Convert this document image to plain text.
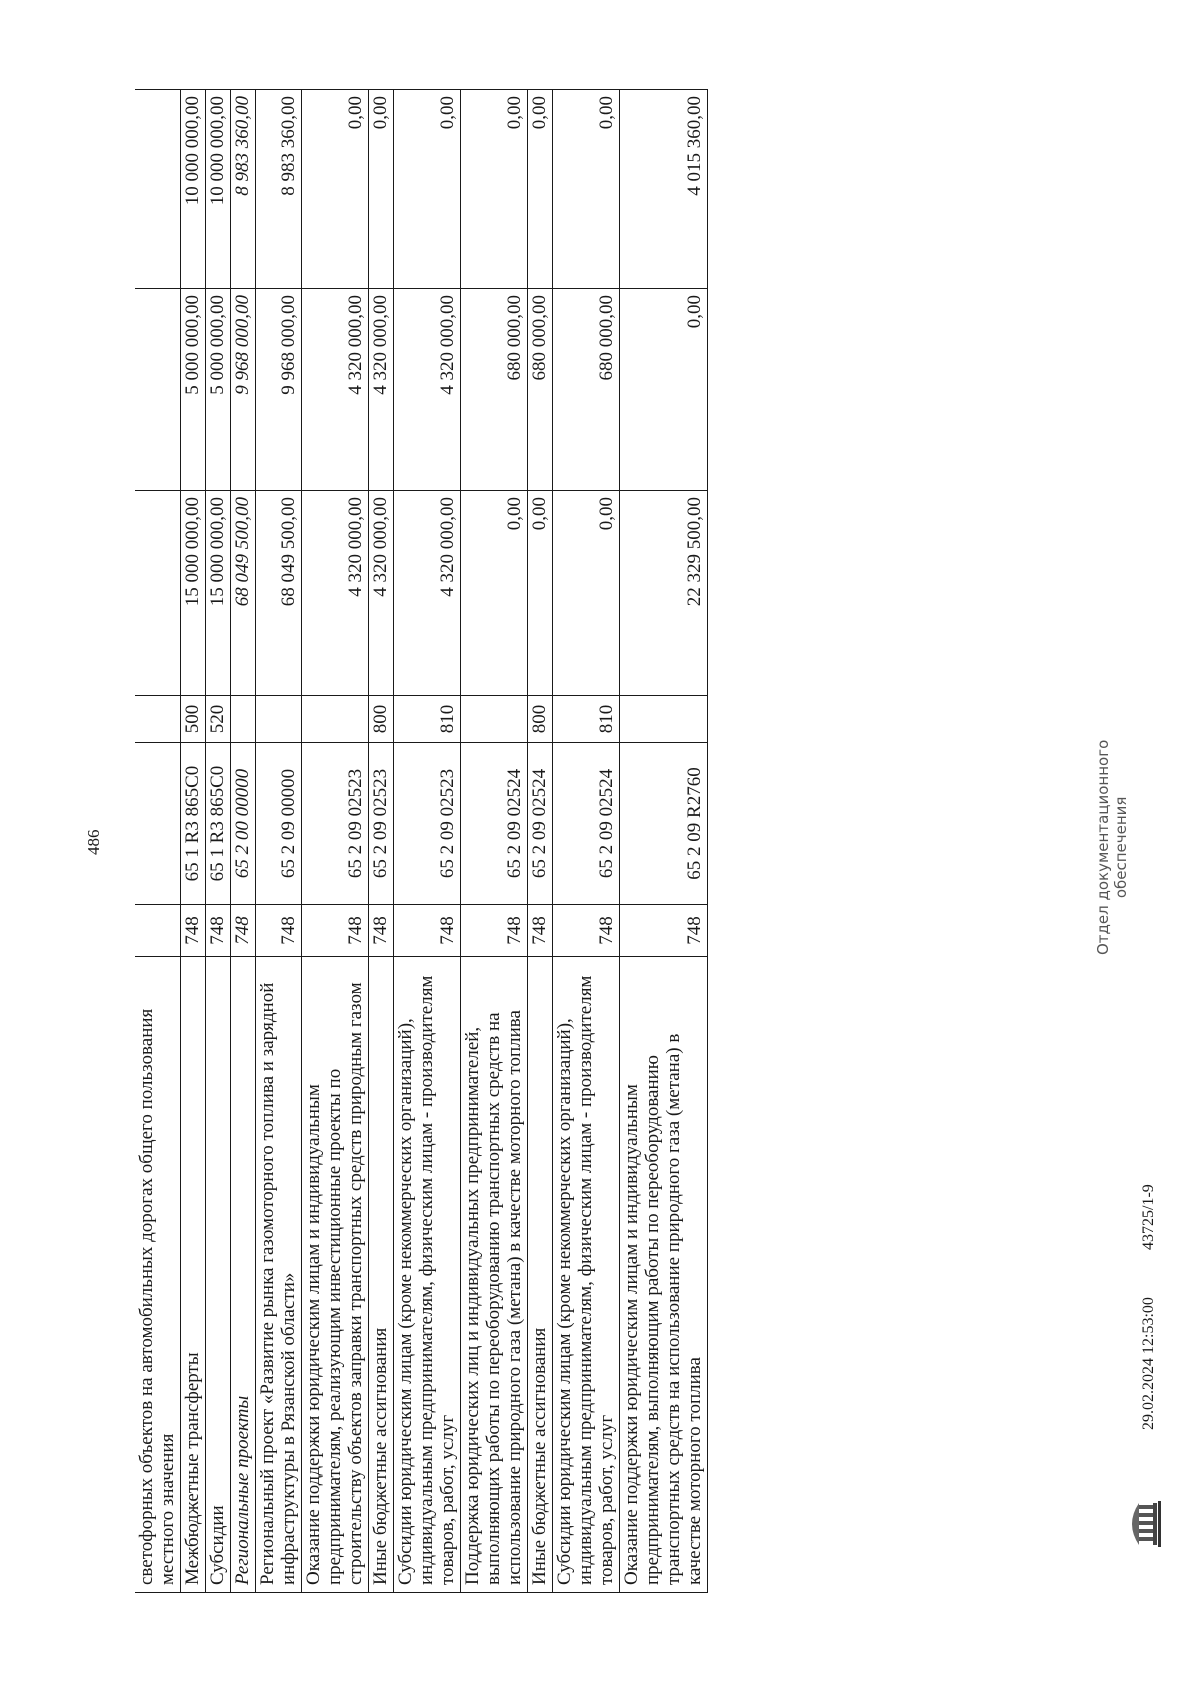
486
светофорных объектов на автомобильных дорогах общего пользования местного значения						
Межбюджетные трансферты	748	65 1 R3 865C0	500	15 000 000,00	5 000 000,00	10 000 000,00
Субсидии	748	65 1 R3 865C0	520	15 000 000,00	5 000 000,00	10 000 000,00
Региональные проекты	748	65 2 00 00000		68 049 500,00	9 968 000,00	8 983 360,00
Региональный проект «Развитие рынка газомоторного топлива и зарядной инфраструктуры в Рязанской области»	748	65 2 09 00000		68 049 500,00	9 968 000,00	8 983 360,00
Оказание поддержки юридическим лицам и индивидуальным предпринимателям, реализующим инвестиционные проекты по строительству объектов заправки транспортных средств природным газом	748	65 2 09 02523		4 320 000,00	4 320 000,00	0,00
Иные бюджетные ассигнования	748	65 2 09 02523	800	4 320 000,00	4 320 000,00	0,00
Субсидии юридическим лицам (кроме некоммерческих организаций), индивидуальным предпринимателям, физическим лицам - производителям товаров, работ, услуг	748	65 2 09 02523	810	4 320 000,00	4 320 000,00	0,00
Поддержка юридических лиц и индивидуальных предпринимателей, выполняющих работы по переоборудованию транспортных средств на использование природного газа (метана) в качестве моторного топлива	748	65 2 09 02524		0,00	680 000,00	0,00
Иные бюджетные ассигнования	748	65 2 09 02524	800	0,00	680 000,00	0,00
Субсидии юридическим лицам (кроме некоммерческих организаций), индивидуальным предпринимателям, физическим лицам - производителям товаров, работ, услуг	748	65 2 09 02524	810	0,00	680 000,00	0,00
Оказание поддержки юридическим лицам и индивидуальным предпринимателям, выполняющим работы по переоборудованию транспортных средств на использование природного газа (метана) в качестве моторного топлива	748	65 2 09 R2760		22 329 500,00	0,00	4 015 360,00
29.02.2024 12:53:00
43725/1-9
Отдел документационного обеспечения
